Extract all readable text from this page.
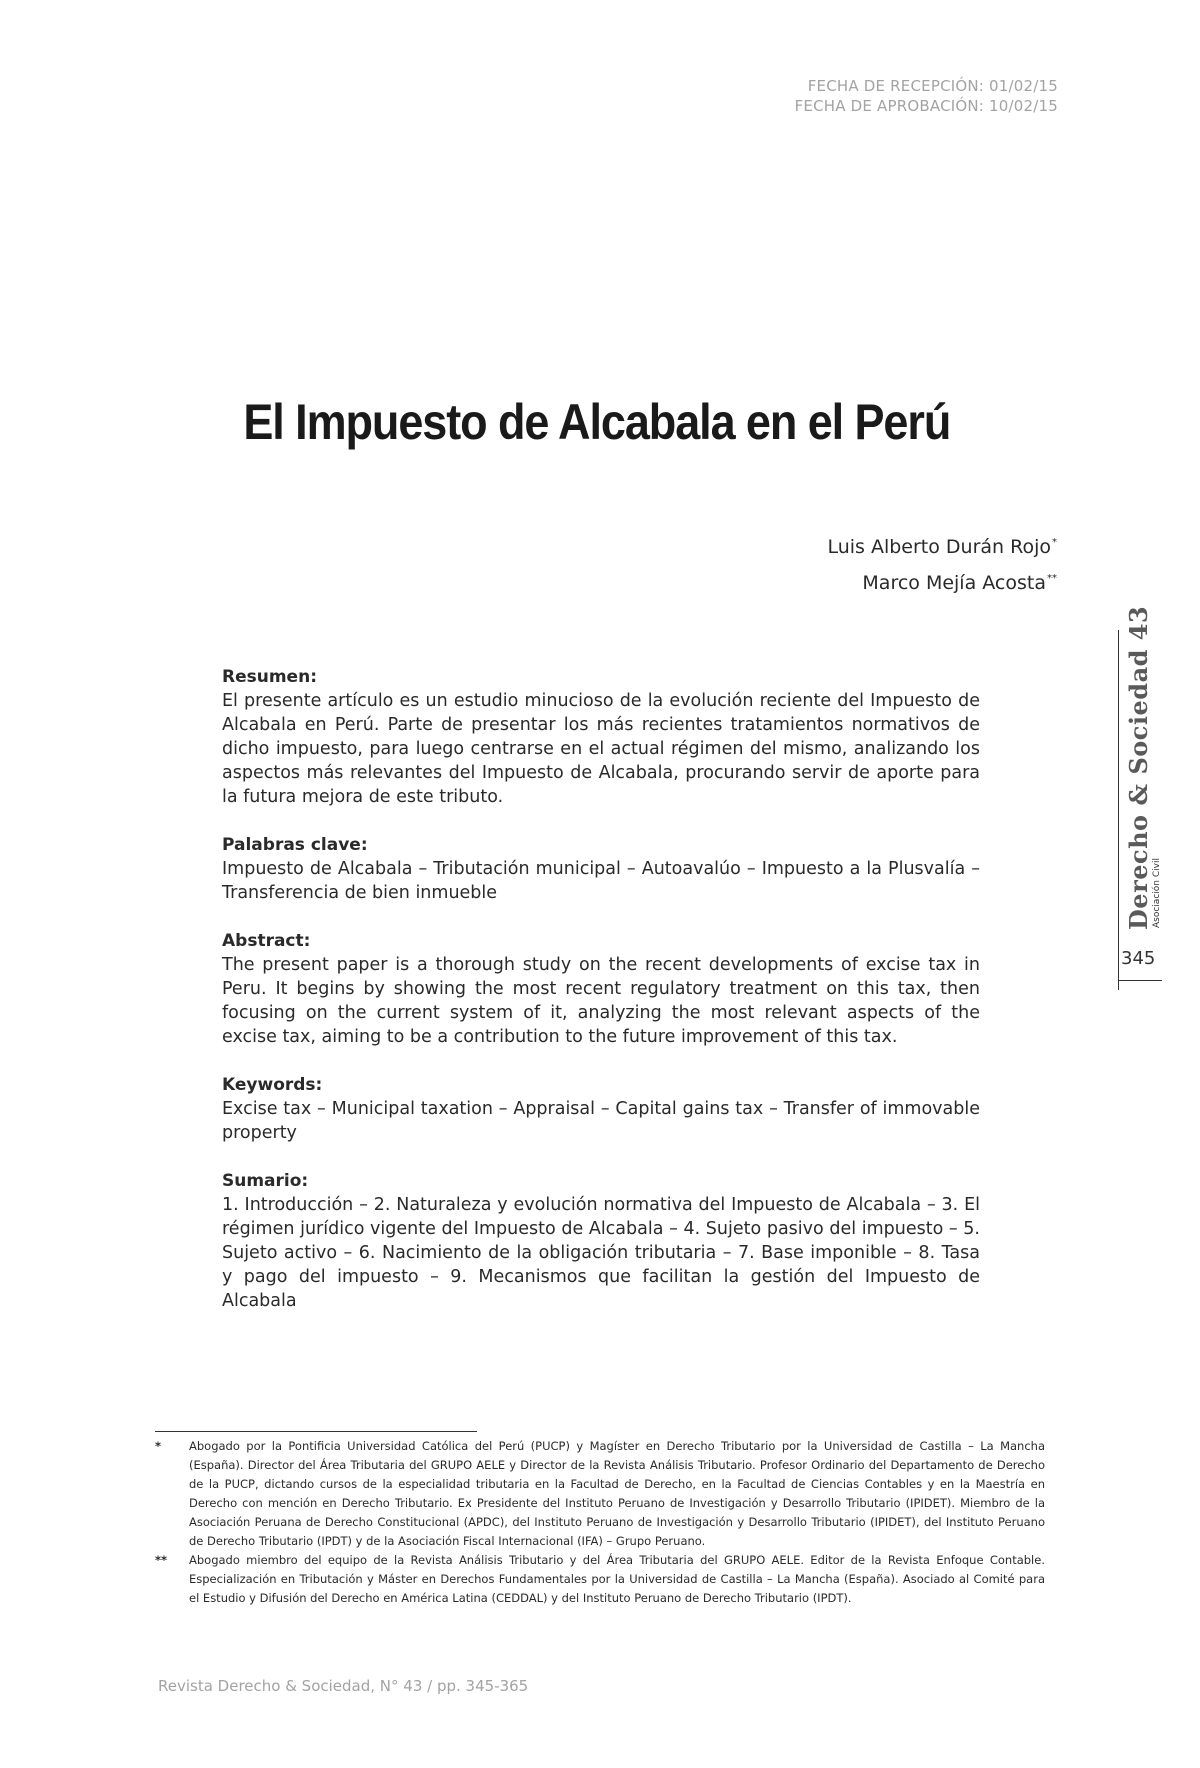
FECHA DE RECEPCIÓN: 01/02/15
FECHA DE APROBACIÓN: 10/02/15
El Impuesto de Alcabala en el Perú
Luis Alberto Durán Rojo*
Marco Mejía Acosta**
Derecho & Sociedad 43 Asociación Civil
345

Resumen:

El presente artículo es un estudio minucioso de la evolución reciente del Impuesto de Alcabala en Perú. Parte de presentar los más recientes tratamientos normativos de dicho impuesto, para luego centrarse en el actual régimen del mismo, analizando los aspectos más relevantes del Impuesto de Alcabala, procurando servir de aporte para la futura mejora de este tributo.

Palabras clave:

Impuesto de Alcabala – Tributación municipal – Autoavalúo – Impuesto a la Plusvalía – Transferencia de bien inmueble

Abstract:

The present paper is a thorough study on the recent developments of excise tax in Peru. It begins by showing the most recent regulatory treatment on this tax, then focusing on the current system of it, analyzing the most relevant aspects of the excise tax, aiming to be a contribution to the future improvement of this tax.

Keywords:

Excise tax – Municipal taxation – Appraisal – Capital gains tax – Transfer of immovable property

Sumario:

1. Introducción – 2. Naturaleza y evolución normativa del Impuesto de Alcabala – 3. El régimen jurídico vigente del Impuesto de Alcabala – 4. Sujeto pasivo del impuesto – 5. Sujeto activo – 6. Nacimiento de la obligación tributaria – 7. Base imponible – 8. Tasa y pago del impuesto – 9. Mecanismos que facilitan la gestión del Impuesto de Alcabala

*	Abogado por la Pontificia Universidad Católica del Perú (PUCP) y Magíster en Derecho Tributario por la Universidad de Castilla – La Mancha (España). Director del Área Tributaria del GRUPO AELE y Director de la Revista Análisis Tributario. Profesor Ordinario del Departamento de Derecho de la PUCP, dictando cursos de la especialidad tributaria en la Facultad de Derecho, en la Facultad de Ciencias Contables y en la Maestría en Derecho con mención en Derecho Tributario. Ex Presidente del Instituto Peruano de Investigación y Desarrollo Tributario (IPIDET). Miembro de la Asociación Peruana de Derecho Constitucional (APDC), del Instituto Peruano de Investigación y Desarrollo Tributario (IPIDET), del Instituto Peruano de Derecho Tributario (IPDT) y de la Asociación Fiscal Internacional (IFA) – Grupo Peruano.
**	Abogado miembro del equipo de la Revista Análisis Tributario y del Área Tributaria del GRUPO AELE. Editor de la Revista Enfoque Contable. Especialización en Tributación y Máster en Derechos Fundamentales por la Universidad de Castilla – La Mancha (España). Asociado al Comité para el Estudio y Difusión del Derecho en América Latina (CEDDAL) y del Instituto Peruano de Derecho Tributario (IPDT).
Revista Derecho & Sociedad, N° 43 / pp. 345-365
